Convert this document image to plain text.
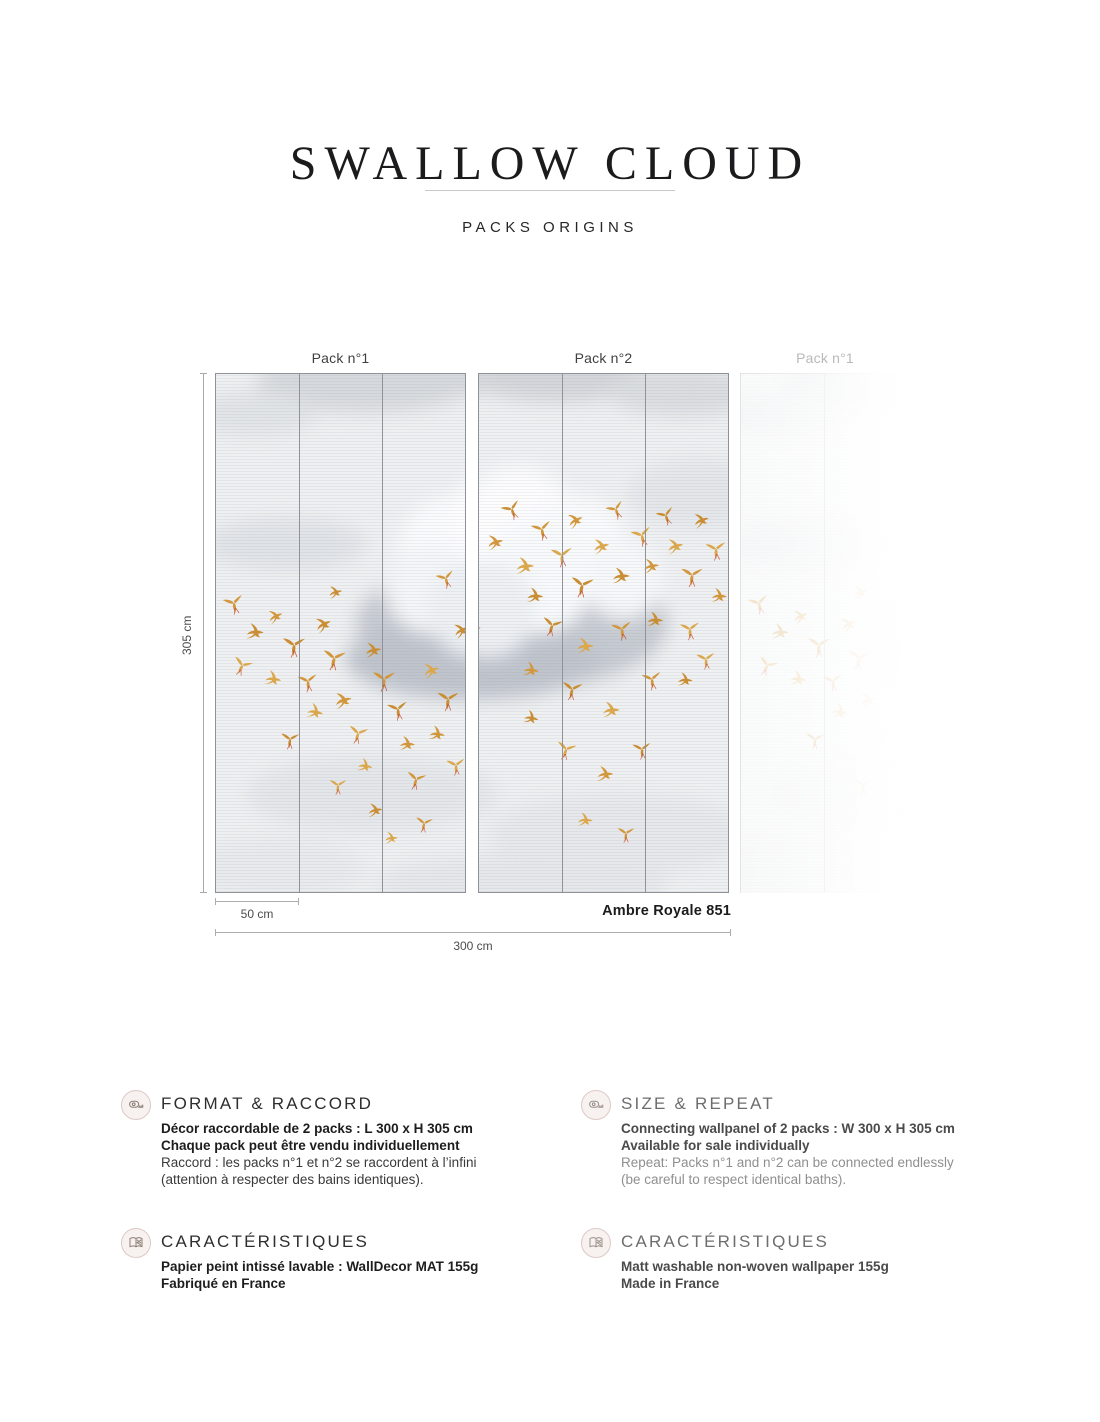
SWALLOW CLOUD
PACKS ORIGINS
Pack n°1	Pack n°2	Pack n°1
305 cm
50 cm	Ambre Royale 851
300 cm
FORMAT & RACCORD

Décor raccordable de 2 packs : L 300 x H 305 cm

Chaque pack peut être vendu individuellement

Raccord : les packs n°1 et n°2 se raccordent à l’infini

(attention à respecter des bains identiques).

SIZE & REPEAT

Connecting wallpanel of 2 packs : W 300 x H 305 cm

Available for sale individually

Repeat: Packs n°1 and n°2 can be connected endlessly

(be careful to respect identical baths).

CARACTÉRISTIQUES

Papier peint intissé lavable : WallDecor MAT 155g

Fabriqué en France

CARACTÉRISTIQUES

Matt washable non-woven wallpaper 155g

Made in France
